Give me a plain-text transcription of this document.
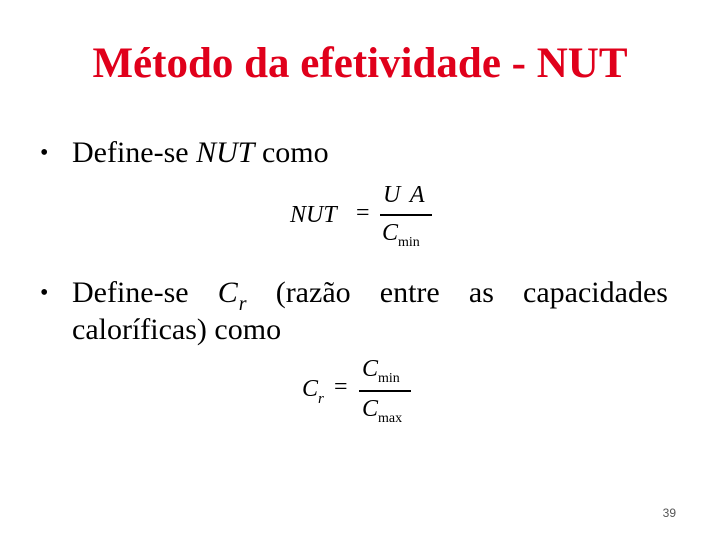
Método da efetividade - NUT
• Define-se NUT como
NUT =
U A
$C_{min}$
• Define-se $C_r$ (razão entre as capacidades
caloríficas) como
$C_r$ =
$C_{min}$
$C_{max}$
39
